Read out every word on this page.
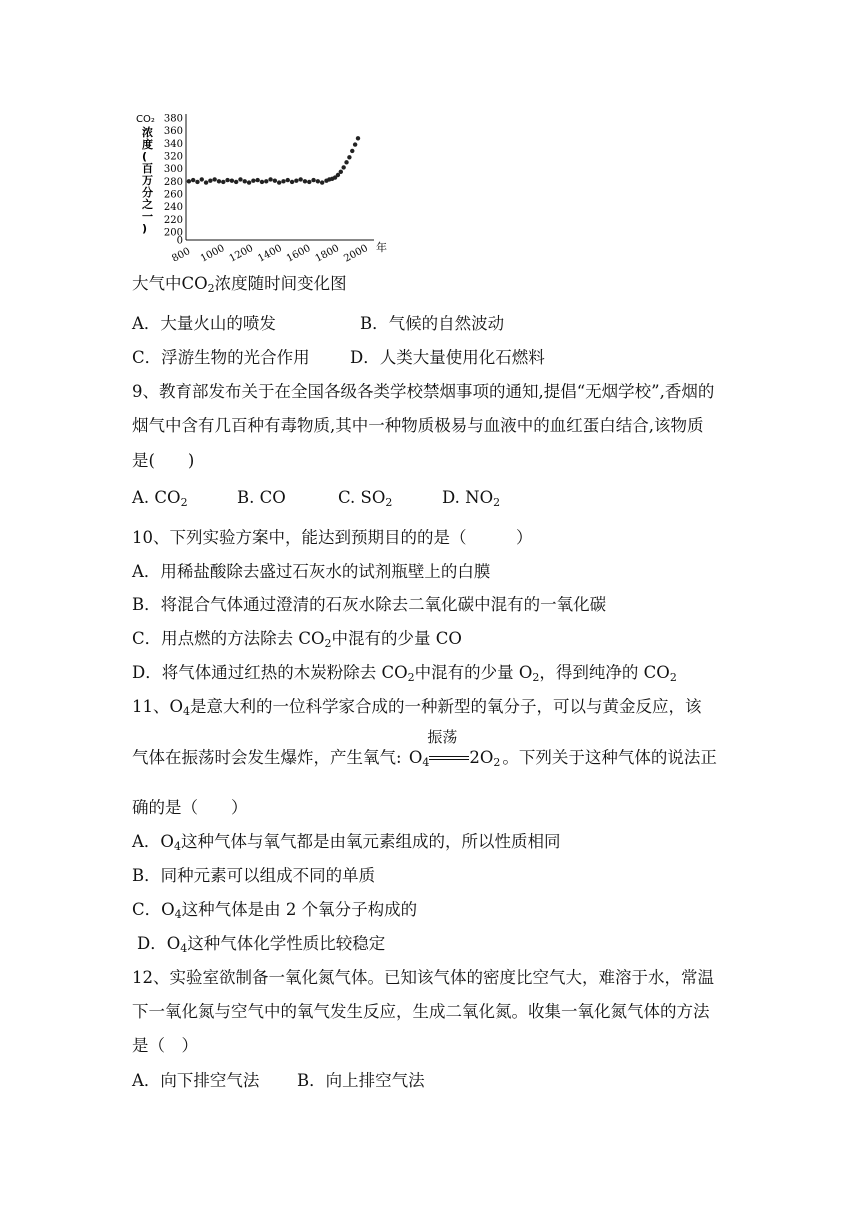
CO₂
浓
度
(
百
万
分
之
一
)
0
200
220
240
260
280
300
320
340
360
380
800 1000 1200 1400 1600 1800 2000 年
大气中$CO_2$浓度随时间变化图
A．大量火山的喷发	B．气候的自然波动
C．浮游生物的光合作用 D．人类大量使用化石燃料
9、教育部发布关于在全国各级各类学校禁烟事项的通知,提倡“无烟学校”,香烟的
烟气中含有几百种有毒物质,其中一种物质极易与血液中的血红蛋白结合,该物质
是(　　)
A. $CO_2$	B. CO	C. $SO_2$	D. $NO_2$
10、下列实验方案中，能达到预期目的的是（　　　）
A．用稀盐酸除去盛过石灰水的试剂瓶壁上的白膜
B．将混合气体通过澄清的石灰水除去二氧化碳中混有的一氧化碳
C．用点燃的方法除去 $CO_2$中混有的少量 CO
D．将气体通过红热的木炭粉除去 $CO_2$中混有的少量 $O_2$，得到纯净的 $CO_2$
11、$O_4$是意大利的一位科学家合成的一种新型的氧分子，可以与黄金反应，该
气体在振荡时会发生爆炸，产生氧气: $O_4$
振荡
$2O_2$ 。下列关于这种气体的说法正
确的是（　　）
A．$O_4$这种气体与氧气都是由氧元素组成的，所以性质相同
B．同种元素可以组成不同的单质
C．$O_4$这种气体是由 2 个氧分子构成的
D．$O_4$这种气体化学性质比较稳定
12、实验室欲制备一氧化氮气体。已知该气体的密度比空气大，难溶于水，常温
下一氧化氮与空气中的氧气发生反应，生成二氧化氮。收集一氧化氮气体的方法
是（　）
A．向下排空气法 B．向上排空气法
